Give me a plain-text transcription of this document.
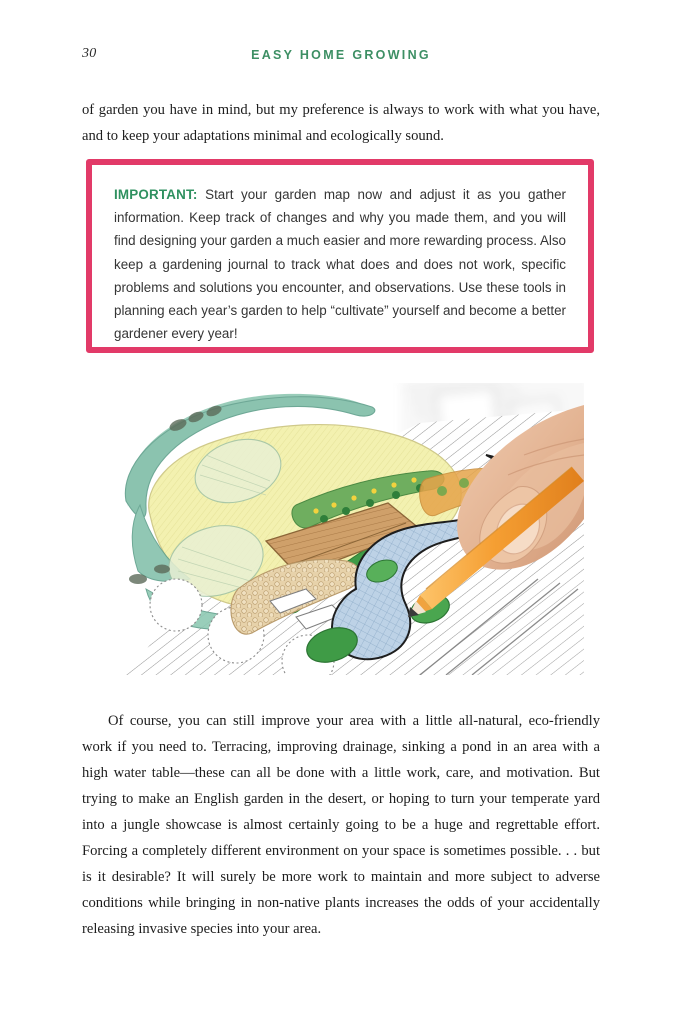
30	EASY HOME GROWING

of garden you have in mind, but my preference is always to work with what you have, and to keep your adaptations minimal and ecologically sound.

IMPORTANT: Start your garden map now and adjust it as you gather information. Keep track of changes and why you made them, and you will find designing your garden a much easier and more rewarding process. Also keep a gardening journal to track what does and does not work, specific problems and solutions you encounter, and observations. Use these tools in planning each year’s garden to help “cultivate” yourself and become a better gardener every year!

Of course, you can still improve your area with a little all-natural, eco-friendly work if you need to. Terracing, improving drainage, sinking a pond in an area with a high water table—these can all be done with a little work, care, and motivation. But trying to make an English garden in the desert, or hoping to turn your temperate yard into a jungle showcase is almost certainly going to be a huge and regrettable effort. Forcing a completely different environment on your space is sometimes possible. . . but is it desirable? It will surely be more work to maintain and more subject to adverse conditions while bringing in non-native plants increases the odds of your accidentally releasing invasive species into your area.
